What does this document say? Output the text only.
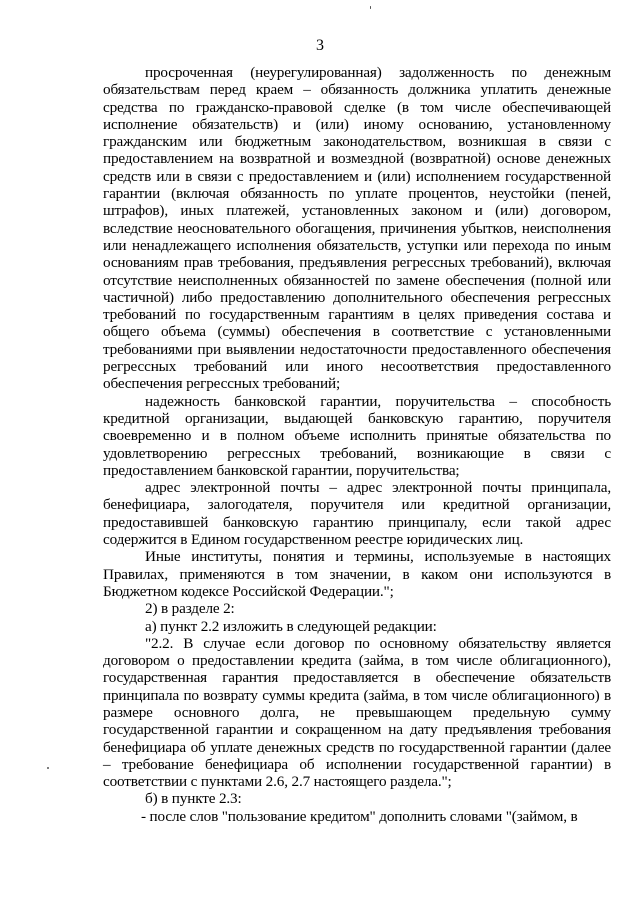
3

просроченная (неурегулированная) задолженность по денежным обязательствам перед краем – обязанность должника уплатить денежные средства по гражданско-правовой сделке (в том числе обеспечивающей исполнение обязательств) и (или) иному основанию, установленному гражданским или бюджетным законодательством, возникшая в связи с предоставлением на возвратной и возмездной (возвратной) основе денежных средств или в связи с предоставлением и (или) исполнением государственной гарантии (включая обязанность по уплате процентов, неустойки (пеней, штрафов), иных платежей, установленных законом и (или) договором, вследствие неосновательного обогащения, причинения убытков, неисполнения или ненадлежащего исполнения обязательств, уступки или перехода по иным основаниям прав требования, предъявления регрессных требований), включая отсутствие неисполненных обязанностей по замене обеспечения (полной или частичной) либо предоставлению дополнительного обеспечения регрессных требований по государственным гарантиям в целях приведения состава и общего объема (суммы) обеспечения в соответствие с установленными требованиями при выявлении недостаточности предоставленного обеспечения регрессных требований или иного несоответствия предоставленного обеспечения регрессных требований;

надежность банковской гарантии, поручительства – способность кредитной организации, выдающей банковскую гарантию, поручителя своевременно и в полном объеме исполнить принятые обязательства по удовлетворению регрессных требований, возникающие в связи с предоставлением банковской гарантии, поручительства;

адрес электронной почты – адрес электронной почты принципала, бенефициара, залогодателя, поручителя или кредитной организации, предоставившей банковскую гарантию принципалу, если такой адрес содержится в Едином государственном реестре юридических лиц.

Иные институты, понятия и термины, используемые в настоящих Правилах, применяются в том значении, в каком они используются в Бюджетном кодексе Российской Федерации.";

2) в разделе 2:

а) пункт 2.2 изложить в следующей редакции:

"2.2. В случае если договор по основному обязательству является договором о предоставлении кредита (займа, в том числе облигационного), государственная гарантия предоставляется в обеспечение обязательств принципала по возврату суммы кредита (займа, в том числе облигационного) в размере основного долга, не превышающем предельную сумму государственной гарантии и сокращенном на дату предъявления требования бенефициара об уплате денежных средств по государственной гарантии (далее – требование бенефициара об исполнении государственной гарантии) в соответствии с пунктами 2.6, 2.7 настоящего раздела.";

б) в пункте 2.3:

- после слов "пользование кредитом" дополнить словами "(займом, в
